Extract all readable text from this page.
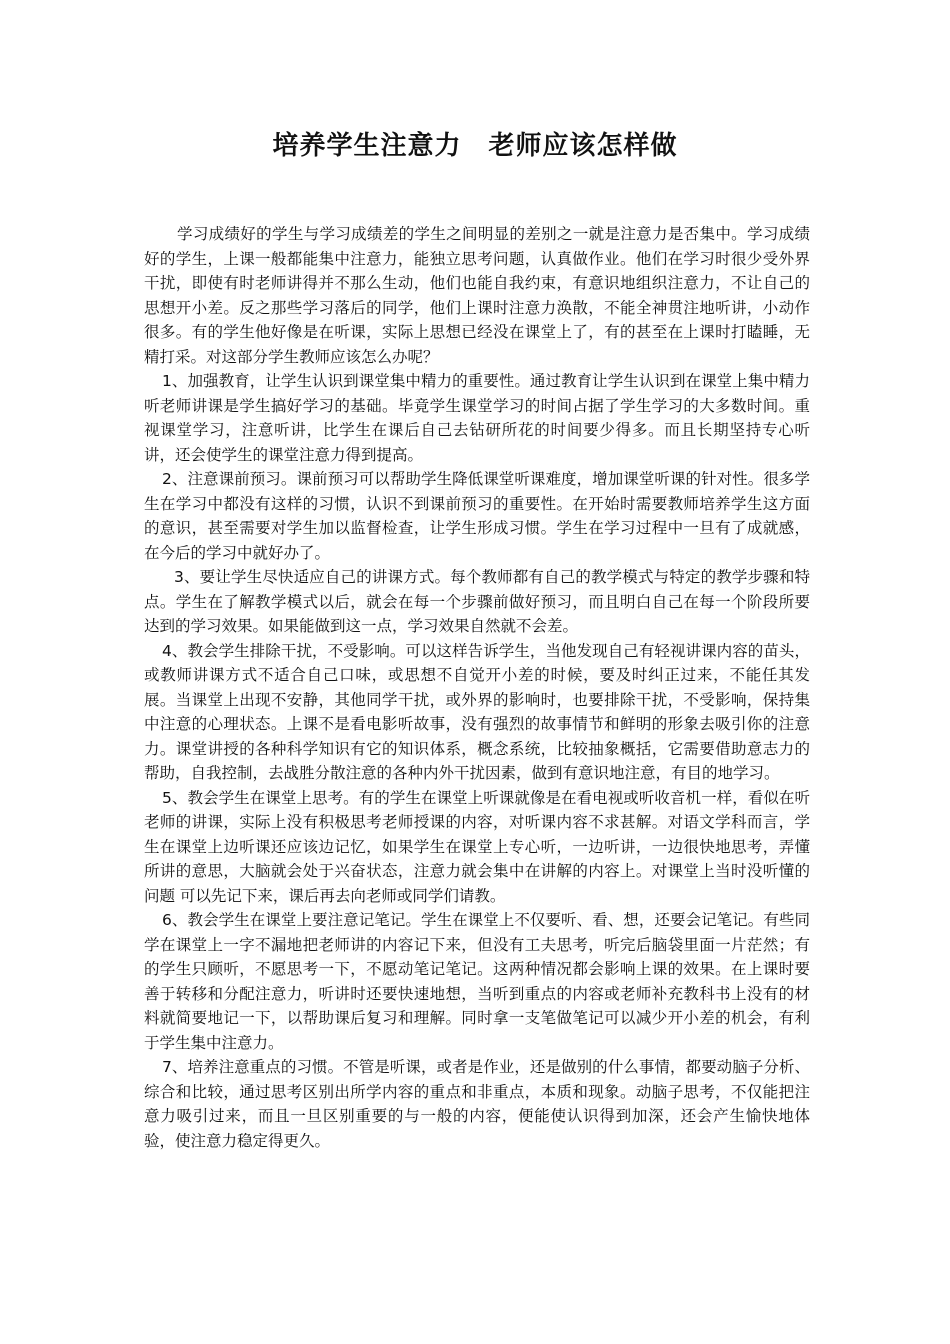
培养学生注意力　老师应该怎样做

学习成绩好的学生与学习成绩差的学生之间明显的差别之一就是注意力是否集中。学习成绩好的学生，上课一般都能集中注意力，能独立思考问题，认真做作业。他们在学习时很少受外界干扰，即使有时老师讲得并不那么生动，他们也能自我约束，有意识地组织注意力，不让自己的思想开小差。反之那些学习落后的同学，他们上课时注意力涣散，不能全神贯注地听讲，小动作很多。有的学生他好像是在听课，实际上思想已经没在课堂上了，有的甚至在上课时打瞌睡，无精打采。对这部分学生教师应该怎么办呢？

1、加强教育，让学生认识到课堂集中精力的重要性。通过教育让学生认识到在课堂上集中精力听老师讲课是学生搞好学习的基础。毕竟学生课堂学习的时间占据了学生学习的大多数时间。重视课堂学习，注意听讲，比学生在课后自己去钻研所花的时间要少得多。而且长期坚持专心听讲，还会使学生的课堂注意力得到提高。

2、注意课前预习。课前预习可以帮助学生降低课堂听课难度，增加课堂听课的针对性。很多学生在学习中都没有这样的习惯，认识不到课前预习的重要性。在开始时需要教师培养学生这方面的意识，甚至需要对学生加以监督检查，让学生形成习惯。学生在学习过程中一旦有了成就感，在今后的学习中就好办了。

3、要让学生尽快适应自己的讲课方式。每个教师都有自己的教学模式与特定的教学步骤和特点。学生在了解教学模式以后，就会在每一个步骤前做好预习，而且明白自己在每一个阶段所要达到的学习效果。如果能做到这一点，学习效果自然就不会差。

4、教会学生排除干扰，不受影响。可以这样告诉学生，当他发现自己有轻视讲课内容的苗头，或教师讲课方式不适合自己口味，或思想不自觉开小差的时候，要及时纠正过来，不能任其发展。当课堂上出现不安静，其他同学干扰，或外界的影响时，也要排除干扰，不受影响，保持集中注意的心理状态。上课不是看电影听故事，没有强烈的故事情节和鲜明的形象去吸引你的注意力。课堂讲授的各种科学知识有它的知识体系，概念系统，比较抽象概括，它需要借助意志力的帮助，自我控制，去战胜分散注意的各种内外干扰因素，做到有意识地注意，有目的地学习。

5、教会学生在课堂上思考。有的学生在课堂上听课就像是在看电视或听收音机一样，看似在听老师的讲课，实际上没有积极思考老师授课的内容，对听课内容不求甚解。对语文学科而言，学生在课堂上边听课还应该边记忆，如果学生在课堂上专心听，一边听讲，一边很快地思考，弄懂所讲的意思，大脑就会处于兴奋状态，注意力就会集中在讲解的内容上。对课堂上当时没听懂的问题 可以先记下来，课后再去向老师或同学们请教。

6、教会学生在课堂上要注意记笔记。学生在课堂上不仅要听、看、想，还要会记笔记。有些同学在课堂上一字不漏地把老师讲的内容记下来，但没有工夫思考，听完后脑袋里面一片茫然；有的学生只顾听，不愿思考一下，不愿动笔记笔记。这两种情况都会影响上课的效果。在上课时要善于转移和分配注意力，听讲时还要快速地想，当听到重点的内容或老师补充教科书上没有的材料就简要地记一下，以帮助课后复习和理解。同时拿一支笔做笔记可以减少开小差的机会，有利于学生集中注意力。

7、培养注意重点的习惯。不管是听课，或者是作业，还是做别的什么事情，都要动脑子分析、综合和比较，通过思考区别出所学内容的重点和非重点，本质和现象。动脑子思考，不仅能把注意力吸引过来，而且一旦区别重要的与一般的内容，便能使认识得到加深，还会产生愉快地体验，使注意力稳定得更久。
